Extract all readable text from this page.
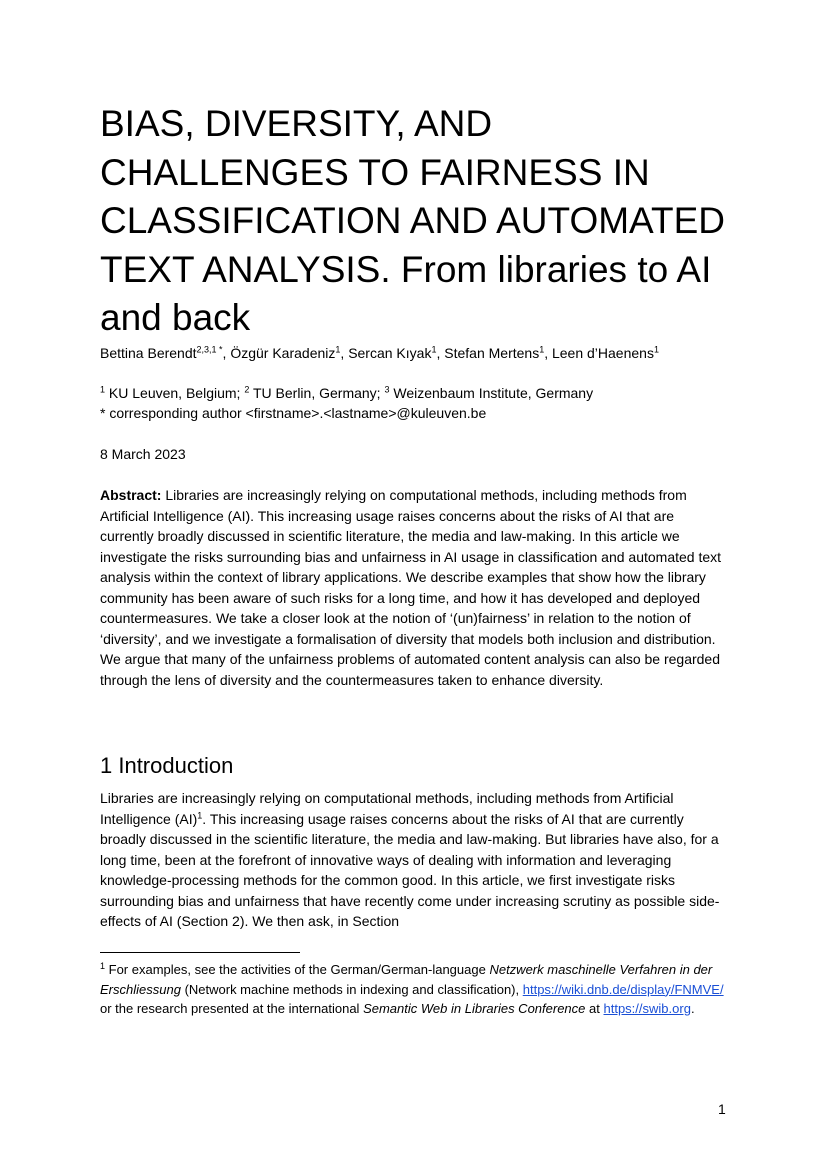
BIAS, DIVERSITY, AND CHALLENGES TO FAIRNESS IN CLASSIFICATION AND AUTOMATED TEXT ANALYSIS. From libraries to AI and back
Bettina Berendt$^{2,3,1 *}$, Özgür Karadeniz$^1$, Sercan Kıyak$^1$, Stefan Mertens$^1$, Leen d’Haenens$^1$
$^1$ KU Leuven, Belgium; $^2$ TU Berlin, Germany; $^3$ Weizenbaum Institute, Germany
* corresponding author <firstname>.<lastname>@kuleuven.be
8 March 2023

Abstract: Libraries are increasingly relying on computational methods, including methods from Artificial Intelligence (AI). This increasing usage raises concerns about the risks of AI that are currently broadly discussed in scientific literature, the media and law-making. In this article we investigate the risks surrounding bias and unfairness in AI usage in classification and automated text analysis within the context of library applications. We describe examples that show how the library community has been aware of such risks for a long time, and how it has developed and deployed countermeasures. We take a closer look at the notion of ‘(un)fairness’ in relation to the notion of ‘diversity’, and we investigate a formalisation of diversity that models both inclusion and distribution. We argue that many of the unfairness problems of automated content analysis can also be regarded through the lens of diversity and the countermeasures taken to enhance diversity.

1 Introduction

Libraries are increasingly relying on computational methods, including methods from Artificial Intelligence (AI)$^1$. This increasing usage raises concerns about the risks of AI that are currently broadly discussed in the scientific literature, the media and law-making. But libraries have also, for a long time, been at the forefront of innovative ways of dealing with information and leveraging knowledge-processing methods for the common good. In this article, we first investigate risks surrounding bias and unfairness that have recently come under increasing scrutiny as possible side-effects of AI (Section 2). We then ask, in Section

$^1$ For examples, see the activities of the German/German-language Netzwerk maschinelle Verfahren in der Erschliessung (Network machine methods in indexing and classification), https://wiki.dnb.de/display/FNMVE/ or the research presented at the international Semantic Web in Libraries Conference at https://swib.org.

1
